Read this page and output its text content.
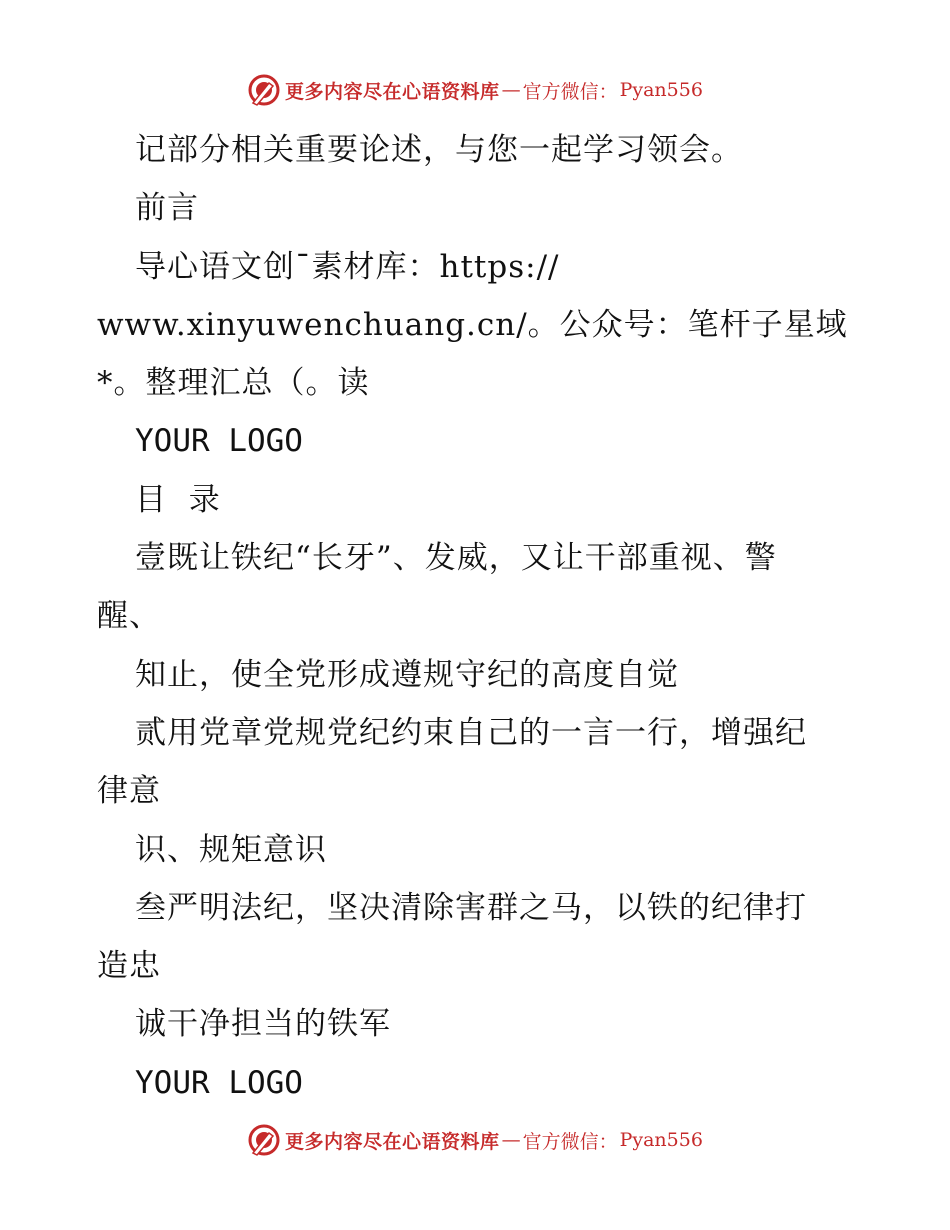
更多内容尽在心语资料库 — 官方微信： Pyan556

记部分相关重要论述，与您一起学习领会。

前言

导心语文创¯素材库：https://

www.xinyuwenchuang.cn/。公众号：笔杆子星域

*。整理汇总（。读

YOUR LOGO

目  录

壹既让铁纪“长牙”、发威，又让干部重视、警

醒、

知止，使全党形成遵规守纪的高度自觉

贰用党章党规党纪约束自己的一言一行，增强纪

律意

识、规矩意识

叁严明法纪，坚决清除害群之马，以铁的纪律打

造忠

诚干净担当的铁军

YOUR LOGO

更多内容尽在心语资料库 — 官方微信： Pyan556
